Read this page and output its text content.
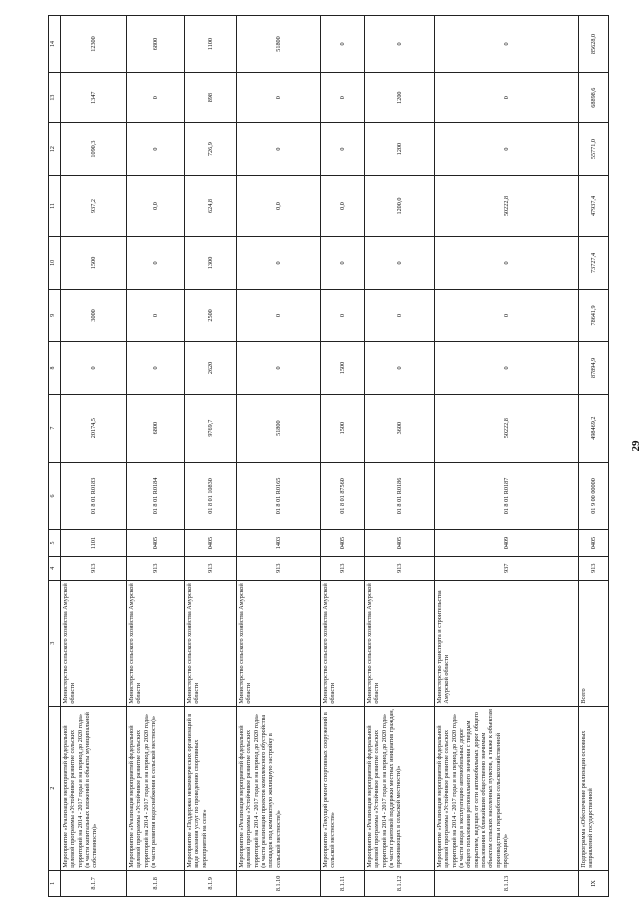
29
1	2	3	4	5	6	7	8	9	10	11	12	13	14
8.1.7	Мероприятие «Реализация мероприятий федеральной целевой программы «Устойчивое развитие сельских территорий на 2014 - 2017 годы и на период до 2020 года» (в части капитальных вложений в объекты муниципальной собственности)»	Министерство сельского хозяйства Амурской области	913	1101	01 8 01 R0183	20174,5	0	3000	1500	937,2	1090,3	1347	12300
8.1.8	Мероприятие «Реализация мероприятий федеральной целевой программы «Устойчивое развитие сельских территорий на 2014 - 2017 годы и на период до 2020 года» (в части развития водоснабжения в сельской местности)»	Министерство сельского хозяйства Амурской области	913	0405	01 8 01 R0184	6800	0	0	0	0,0	0	0	6800
8.1.9	Мероприятие «Поддержка некоммерческих организаций в виде оказания услуг по проведению спортивных мероприятий на селе»	Министерство сельского хозяйства Амурской области	913	0405	01 8 01 10830	9769,7	2620	2500	1300	624,8	726,9	898	1100
8.1.10	Мероприятие «Реализация мероприятий федеральной целевой программы «Устойчивое развитие сельских территорий на 2014 - 2017 годы и на период до 2020 года» (в части реализации проектов комплексного обустройства площадок под компактную жилищную застройку в сельской местности)»	Министерство сельского хозяйства Амурской области	913	1403	01 8 01 R0165	51800	0	0	0	0,0	0	0	51800
8.1.11	Мероприятие «Текущий ремонт спортивных сооружений в сельской местности»	Министерство сельского хозяйства Амурской области	913	0405	01 8 01 87560	1500	1500	0	0	0,0	0	0	0
8.1.12	Мероприятие «Реализация мероприятий федеральной целевой программы «Устойчивое развитие сельских территорий на 2014 - 2017 годы и на период до 2020 года» (в части грантовой поддержки местных инициатив граждан, проживающих в сельской местности)»	Министерство сельского хозяйства Амурской области	913	0405	01 8 01 R0186	3600	0	0	0	1200,0	1200	1200	0
8.1.13	Мероприятие «Реализация мероприятий федеральной целевой программы «Устойчивое развитие сельских территорий на 2014 - 2017 годы и на период до 2020 года» (в части ввода в эксплуатацию автомобильных дорог общего пользования регионального значения с твердым покрытием, ведущих от сети автомобильных дорог общего пользования к ближайшим общественно значимым объектам сельских населенных пунктов, а также к объектам производства и переработки сельскохозяйственной продукции)»	Министерство транспорта и строительства Амурской области	937	0409	01 8 01 R0187	50222,8	0	0	0	50222,8	0	0	0
IX	Подпрограмма «Обеспечение реализации основных направлений государственной	Всего	913	0405	01 9 00 00000	498469,2	87894,9	78641,9	73727,4	47937,4	55771,0	68898,6	85628,0
